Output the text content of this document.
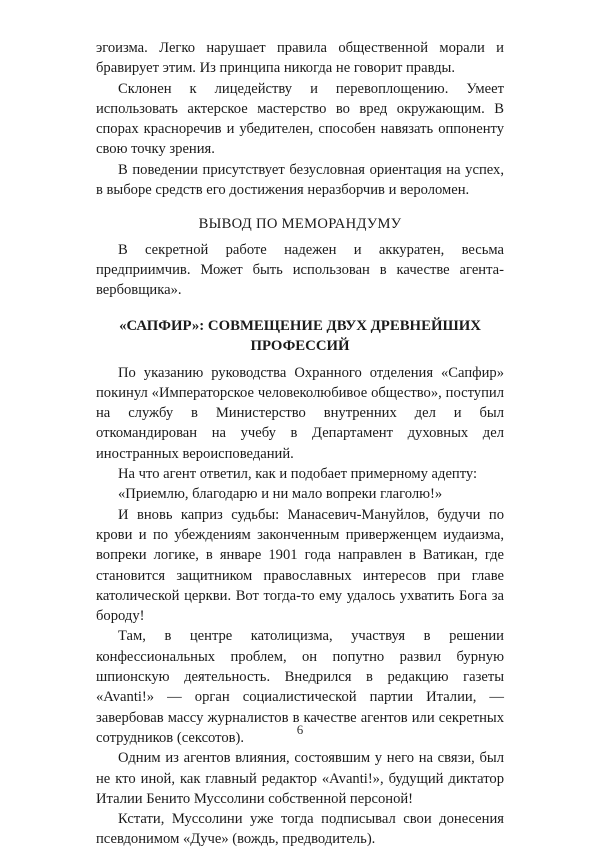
эгоизма. Легко нарушает правила общественной морали и бравирует этим. Из принципа никогда не говорит правды.

Склонен к лицедейству и перевоплощению. Умеет использовать актерское мастерство во вред окружающим. В спорах красноречив и убедителен, способен навязать оппоненту свою точку зрения.

В поведении присутствует безусловная ориентация на успех, в выборе средств его достижения неразборчив и вероломен.

ВЫВОД ПО МЕМОРАНДУМУ

В секретной работе надежен и аккуратен, весьма предприимчив. Может быть использован в качестве агента-вербовщика».

«САПФИР»: СОВМЕЩЕНИЕ ДВУХ ДРЕВНЕЙШИХ
ПРОФЕССИЙ

По указанию руководства Охранного отделения «Сапфир» покинул «Императорское человеколюбивое общество», поступил на службу в Министерство внутренних дел и был откомандирован на учебу в Департамент духовных дел иностранных вероисповеданий.

На что агент ответил, как и подобает примерному адепту:

«Приемлю, благодарю и ни мало вопреки глаголю!»

И вновь каприз судьбы: Манасевич-Мануйлов, будучи по крови и по убеждениям законченным приверженцем иудаизма, вопреки логике, в январе 1901 года направлен в Ватикан, где становится защитником православных интересов при главе католической церкви. Вот тогда-то ему удалось ухватить Бога за бороду!

Там, в центре католицизма, участвуя в решении конфессиональных проблем, он попутно развил бурную шпионскую деятельность. Внедрился в редакцию газеты «Avanti!» — орган социалистической партии Италии, — завербовав массу журналистов в качестве агентов или секретных сотрудников (сексотов).

Одним из агентов влияния, состоявшим у него на связи, был не кто иной, как главный редактор «Avanti!», будущий диктатор Италии Бенито Муссолини собственной персоной!

Кстати, Муссолини уже тогда подписывал свои донесения псевдонимом «Дуче» (вождь, предводитель).

6
